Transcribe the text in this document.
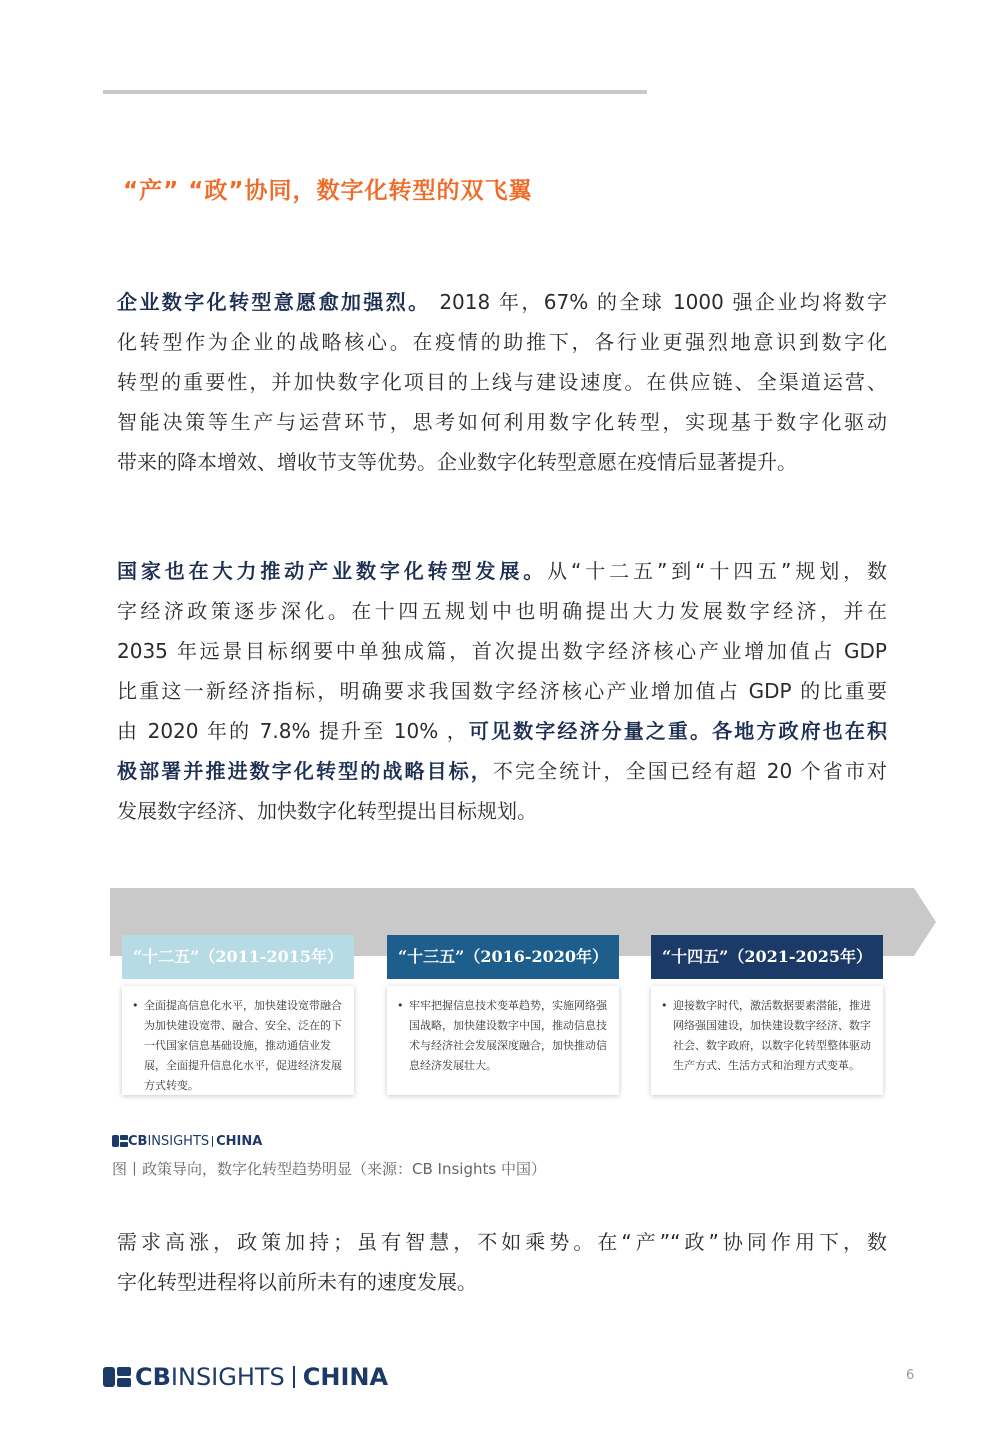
“产” “政”协同，数字化转型的双飞翼
企业数字化转型意愿愈加强烈。 2018 年，67% 的全球 1000 强企业均将数字
化转型作为企业的战略核心。在疫情的助推下，各行业更强烈地意识到数字化
转型的重要性，并加快数字化项目的上线与建设速度。在供应链、全渠道运营、
智能决策等生产与运营环节，思考如何利用数字化转型，实现基于数字化驱动
带来的降本增效、增收节支等优势。企业数字化转型意愿在疫情后显著提升。
国家也在大力推动产业数字化转型发展。从“十二五”到“十四五”规划，数
字经济政策逐步深化。在十四五规划中也明确提出大力发展数字经济，并在
2035 年远景目标纲要中单独成篇，首次提出数字经济核心产业增加值占 GDP
比重这一新经济指标，明确要求我国数字经济核心产业增加值占 GDP 的比重要
由 2020 年的 7.8% 提升至 10% ，可见数字经济分量之重。各地方政府也在积
极部署并推进数字化转型的战略目标，不完全统计，全国已经有超 20 个省市对
发展数字经济、加快数字化转型提出目标规划。
“十二五”（2011-2015年）
• 全面提高信息化水平，加快建设宽带融合为加快建设宽带、融合、安全、泛在的下一代国家信息基础设施，推动通信业发展，全面提升信息化水平，促进经济发展方式转变。
“十三五”（2016-2020年）
• 牢牢把握信息技术变革趋势，实施网络强国战略，加快建设数字中国，推动信息技术与经济社会发展深度融合，加快推动信息经济发展壮大。
“十四五”（2021-2025年）
• 迎接数字时代，激活数据要素潜能，推进网络强国建设，加快建设数字经济、数字社会、数字政府，以数字化转型整体驱动生产方式、生活方式和治理方式变革。
CB INSIGHTS CHINA
图丨政策导向，数字化转型趋势明显（来源：CB Insights 中国）
需求高涨，政策加持；虽有智慧，不如乘势。在“产”“政”协同作用下，数
字化转型进程将以前所未有的速度发展。
CB INSIGHTS CHINA	6
